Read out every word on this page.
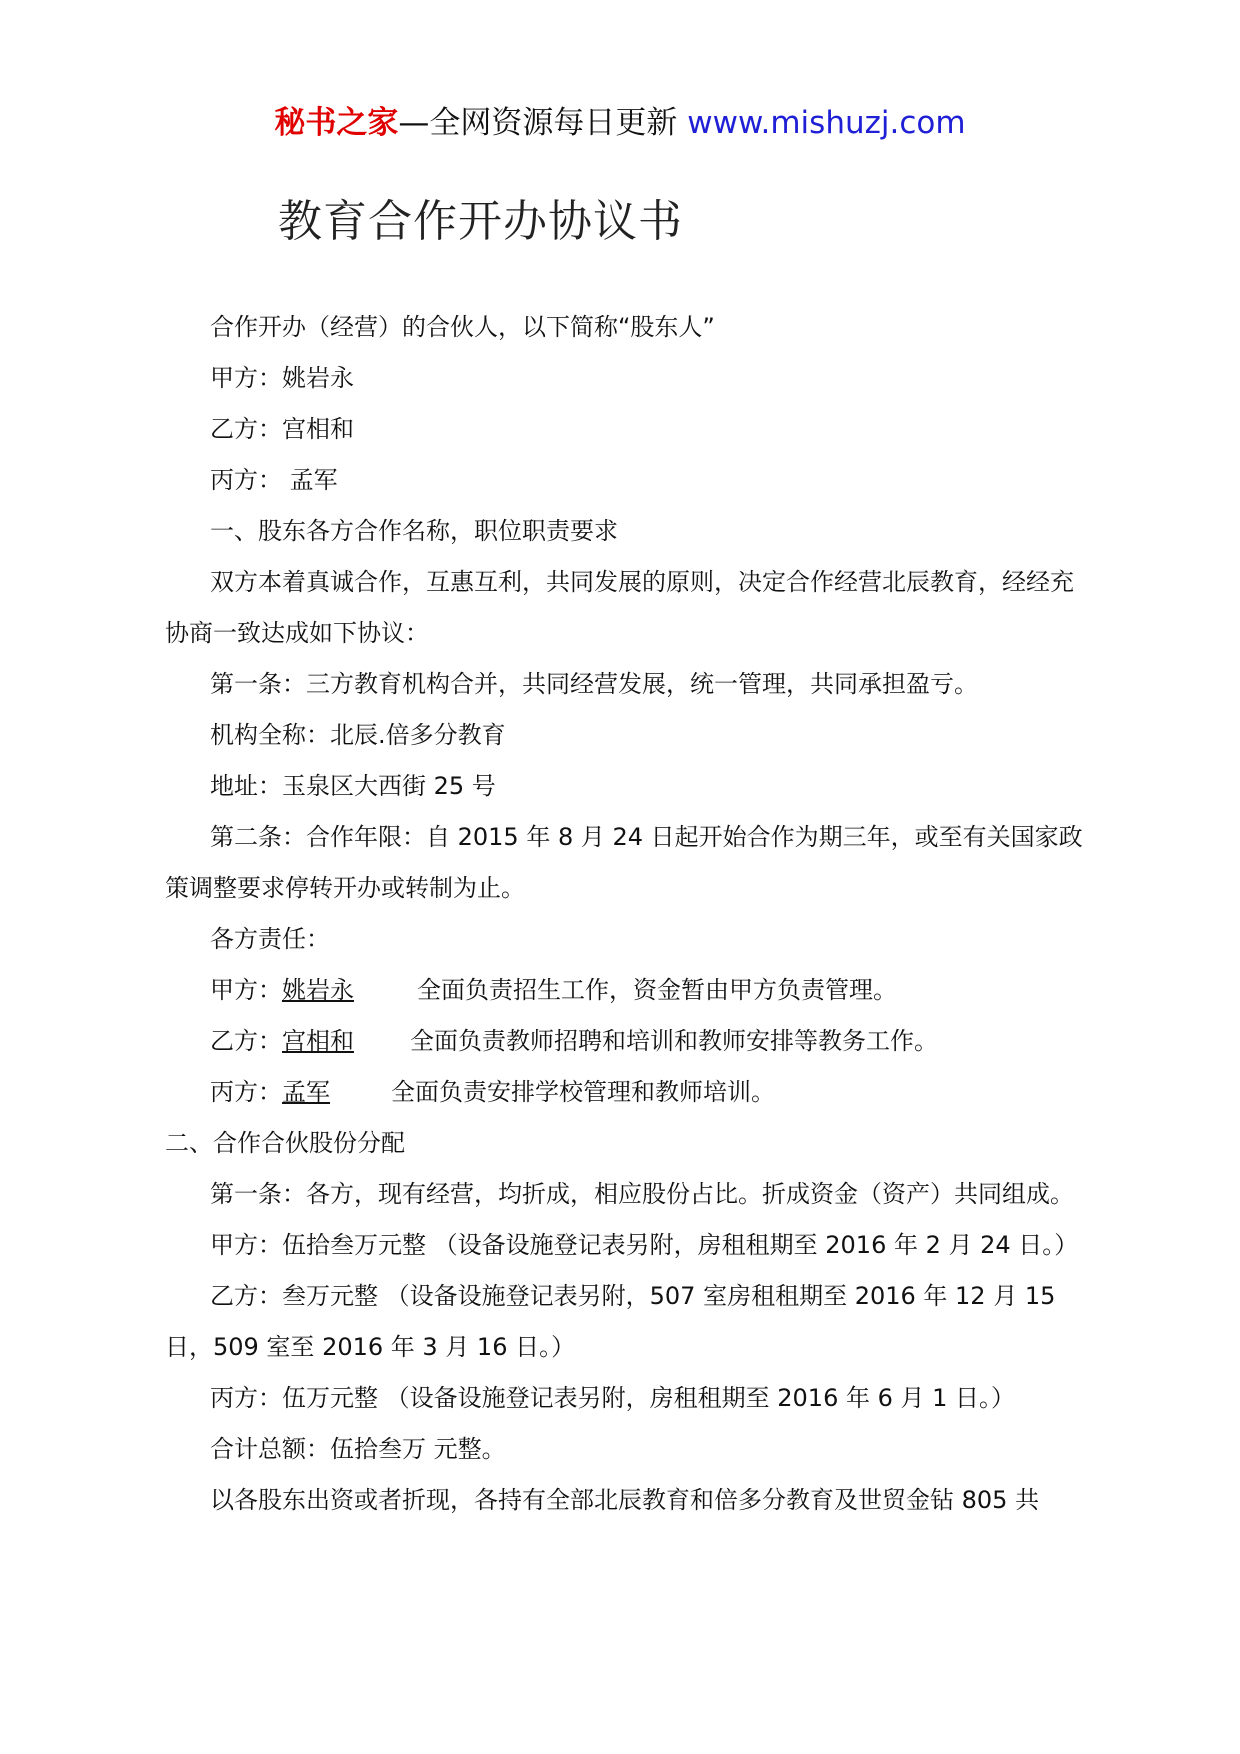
秘书之家—全网资源每日更新 www.mishuzj.com
教育合作开办协议书
合作开办（经营）的合伙人，以下简称“股东人”
甲方：姚岩永
乙方：宫相和
丙方： 孟军
一、股东各方合作名称，职位职责要求
双方本着真诚合作，互惠互利，共同发展的原则，决定合作经营北辰教育，经经充协商一致达成如下协议：
第一条：三方教育机构合并，共同经营发展，统一管理，共同承担盈亏。
机构全称：北辰.倍多分教育
地址：玉泉区大西街 25 号
第二条：合作年限：自 2015 年 8 月 24 日起开始合作为期三年，或至有关国家政策调整要求停转开办或转制为止。
各方责任：
甲方：姚岩永	全面负责招生工作，资金暂由甲方负责管理。
乙方：宫相和 全面负责教师招聘和培训和教师安排等教务工作。
丙方：孟军	全面负责安排学校管理和教师培训。
二、合作合伙股份分配
第一条：各方，现有经营，均折成，相应股份占比。折成资金（资产）共同组成。
甲方：伍拾叁万元整 （设备设施登记表另附，房租租期至 2016 年 2 月 24 日。）
乙方：叁万元整 （设备设施登记表另附，507 室房租租期至 2016 年 12 月 15 日，509 室至 2016 年 3 月 16 日。）
丙方：伍万元整 （设备设施登记表另附，房租租期至 2016 年 6 月 1 日。）
合计总额：伍拾叁万 元整。
以各股东出资或者折现，各持有全部北辰教育和倍多分教育及世贸金钻 805 共
